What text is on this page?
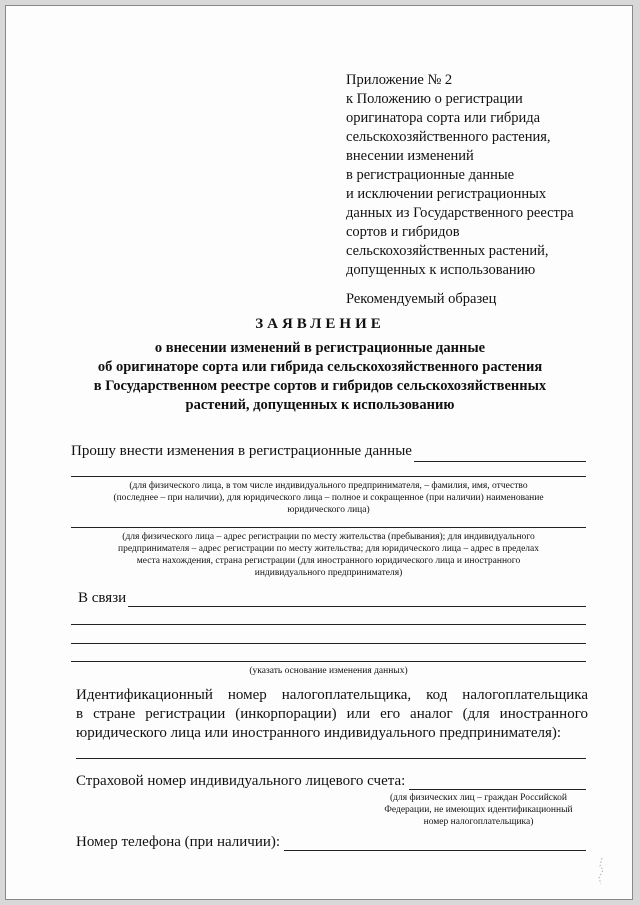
Приложение № 2
к Положению о регистрации
оригинатора сорта или гибрида
сельскохозяйственного растения,
внесении изменений
в регистрационные данные
и исключении регистрационных
данных из Государственного реестра
сортов и гибридов
сельскохозяйственных растений,
допущенных к использованию
Рекомендуемый образец
ЗАЯВЛЕНИЕ
о внесении изменений в регистрационные данные
об оригинаторе сорта или гибрида сельскохозяйственного растения
в Государственном реестре сортов и гибридов сельскохозяйственных
растений, допущенных к использованию
Прошу внести изменения в регистрационные данные
(для физического лица, в том числе индивидуального предпринимателя, – фамилия, имя, отчество
(последнее – при наличии), для юридического лица – полное и сокращенное (при наличии) наименование
юридического лица)
(для физического лица – адрес регистрации по месту жительства (пребывания); для индивидуального
предпринимателя – адрес регистрации по месту жительства; для юридического лица – адрес в пределах
места нахождения, страна регистрации (для иностранного юридического лица и иностранного
индивидуального предпринимателя)
В связи
(указать основание изменения данных)
Идентификационный номер налогоплательщика, код налогоплательщика
в стране регистрации (инкорпорации) или его аналог (для иностранного
юридического лица или иностранного индивидуального предпринимателя):
Страховой номер индивидуального лицевого счета:
(для физических лиц – граждан Российской
Федерации, не имеющих идентификационный
номер налогоплательщика)
Номер телефона (при наличии):
